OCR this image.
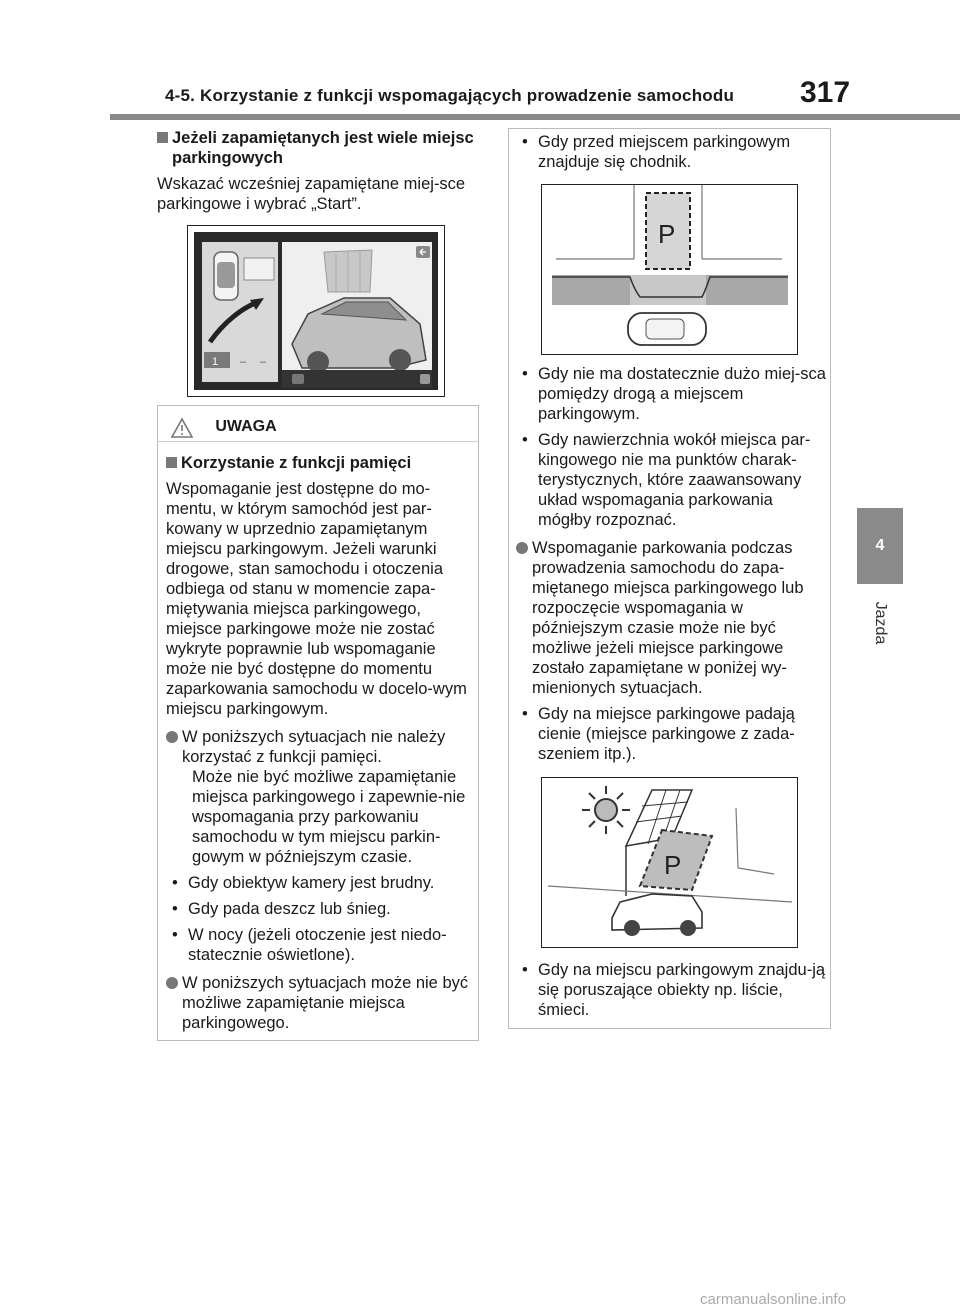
4-5. Korzystanie z funkcji wspomagających prowadzenie samochodu 317
4
Jazda
Jeżeli zapamiętanych jest wiele miejsc parkingowych
Wskazać wcześniej zapamiętane miej-sce parkingowe i wybrać „Start”.
1 – –
UWAGA
Korzystanie z funkcji pamięci
Wspomaganie jest dostępne do mo-mentu, w którym samochód jest par-kowany w uprzednio zapamiętanym miejscu parkingowym. Jeżeli warunki drogowe, stan samochodu i otoczenia odbiega od stanu w momencie zapa-miętywania miejsca parkingowego, miejsce parkingowe może nie zostać wykryte poprawnie lub wspomaganie może nie być dostępne do momentu zaparkowania samochodu w docelo-wym miejscu parkingowym.
W poniższych sytuacjach nie należy korzystać z funkcji pamięci.
Może nie być możliwe zapamiętanie miejsca parkingowego i zapewnie-nie wspomagania przy parkowaniu samochodu w tym miejscu parkin-gowym w późniejszym czasie.
• Gdy obiektyw kamery jest brudny.
• Gdy pada deszcz lub śnieg.
• W nocy (jeżeli otoczenie jest niedo-statecznie oświetlone).
W poniższych sytuacjach może nie być możliwe zapamiętanie miejsca parkingowego.
• Gdy przed miejscem parkingowym znajduje się chodnik.
P
• Gdy nie ma dostatecznie dużo miej-sca pomiędzy drogą a miejscem parkingowym.
• Gdy nawierzchnia wokół miejsca par-kingowego nie ma punktów charak-terystycznych, które zaawansowany układ wspomagania parkowania mógłby rozpoznać.
Wspomaganie parkowania podczas prowadzenia samochodu do zapa-miętanego miejsca parkingowego lub rozpoczęcie wspomagania w późniejszym czasie może nie być możliwe jeżeli miejsce parkingowe zostało zapamiętane w poniżej wy-mienionych sytuacjach.
• Gdy na miejsce parkingowe padają cienie (miejsce parkingowe z zada-szeniem itp.).
P
• Gdy na miejscu parkingowym znajdu-ją się poruszające obiekty np. liście, śmieci.
carmanualsonline.info
